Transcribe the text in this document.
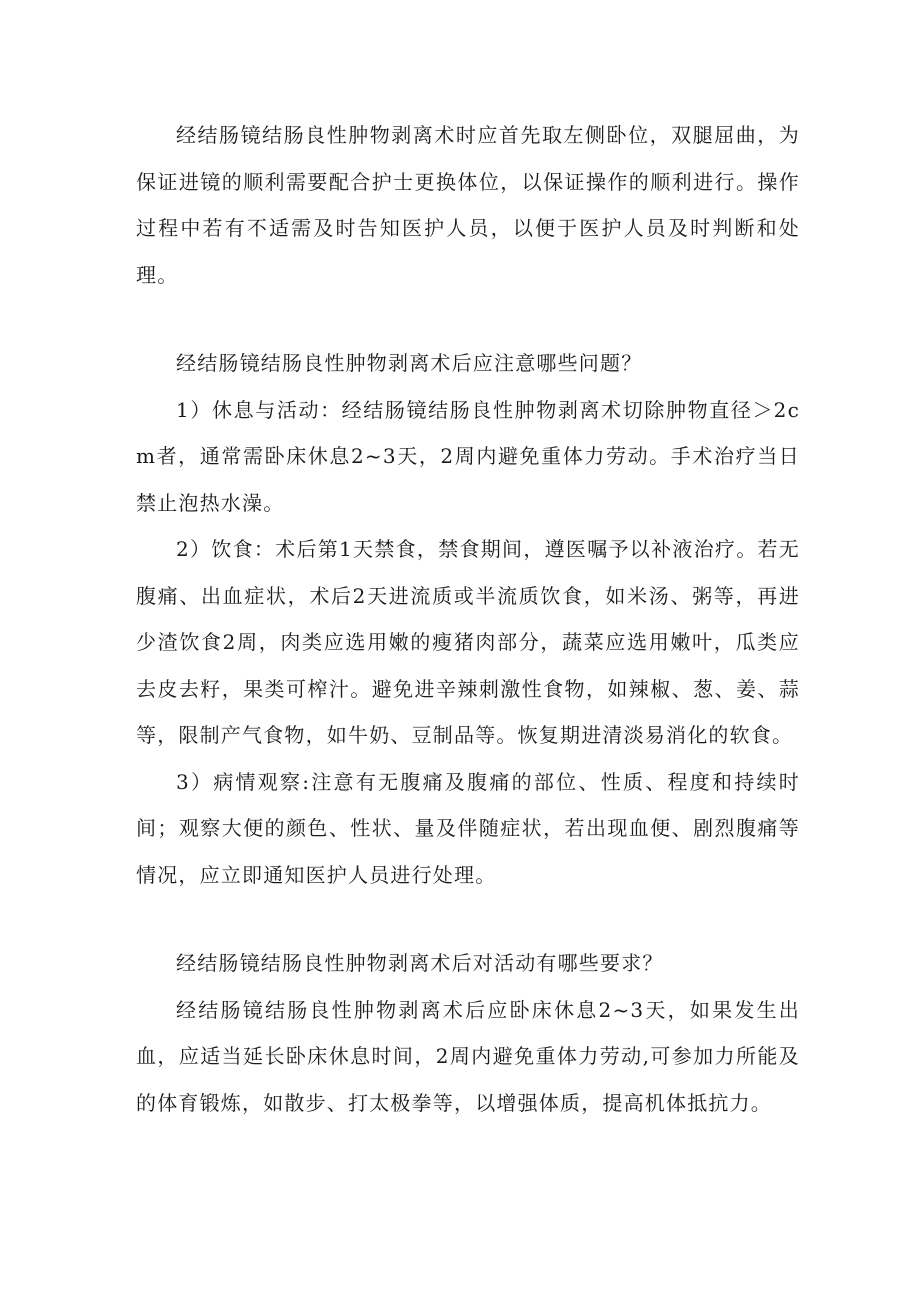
经结肠镜结肠良性肿物剥离术时应首先取左侧卧位，双腿屈曲，为保证进镜的顺利需要配合护士更换体位，以保证操作的顺利进行。操作过程中若有不适需及时告知医护人员，以便于医护人员及时判断和处理。

经结肠镜结肠良性肿物剥离术后应注意哪些问题？

1）休息与活动：经结肠镜结肠良性肿物剥离术切除肿物直径＞2cm者，通常需卧床休息2~3天，2周内避免重体力劳动。手术治疗当日禁止泡热水澡。

2）饮食：术后第1天禁食，禁食期间，遵医嘱予以补液治疗。若无腹痛、出血症状，术后2天进流质或半流质饮食，如米汤、粥等，再进少渣饮食2周，肉类应选用嫩的瘦猪肉部分，蔬菜应选用嫩叶，瓜类应去皮去籽，果类可榨汁。避免进辛辣刺激性食物，如辣椒、葱、姜、蒜等，限制产气食物，如牛奶、豆制品等。恢复期进清淡易消化的软食。

3）病情观察:注意有无腹痛及腹痛的部位、性质、程度和持续时间；观察大便的颜色、性状、量及伴随症状，若出现血便、剧烈腹痛等情况，应立即通知医护人员进行处理。

经结肠镜结肠良性肿物剥离术后对活动有哪些要求？

经结肠镜结肠良性肿物剥离术后应卧床休息2~3天，如果发生出血，应适当延长卧床休息时间，2周内避免重体力劳动,可参加力所能及的体育锻炼，如散步、打太极拳等，以增强体质，提高机体抵抗力。
